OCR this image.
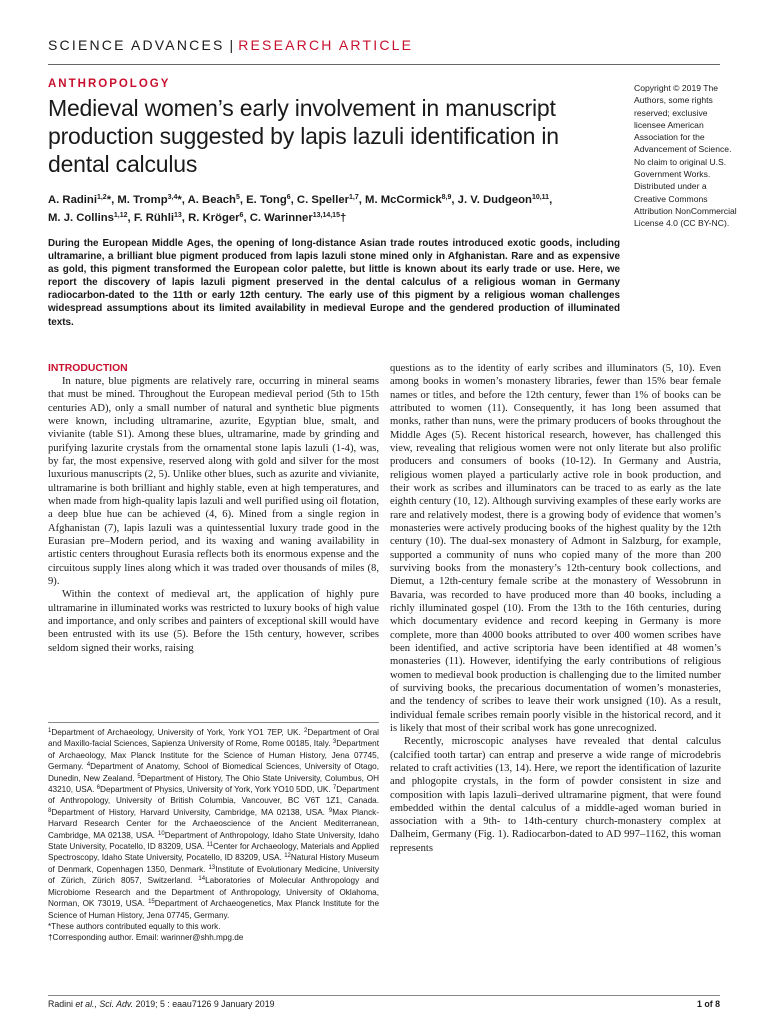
SCIENCE ADVANCES | RESEARCH ARTICLE
ANTHROPOLOGY
Medieval women’s early involvement in manuscript production suggested by lapis lazuli identification in dental calculus
A. Radini$^{1,2}$*, M. Tromp$^{3,4}$*, A. Beach$^5$, E. Tong$^6$, C. Speller$^{1,7}$, M. McCormick$^{8,9}$, J. V. Dudgeon$^{10,11}$,
M. J. Collins$^{1,12}$, F. Rühli$^{13}$, R. Kröger$^6$, C. Warinner$^{13,14,15}$†
Copyright © 2019 The Authors, some rights reserved; exclusive licensee American Association for the Advancement of Science. No claim to original U.S. Government Works. Distributed under a Creative Commons Attribution NonCommercial License 4.0 (CC BY-NC).
During the European Middle Ages, the opening of long-distance Asian trade routes introduced exotic goods, including ultramarine, a brilliant blue pigment produced from lapis lazuli stone mined only in Afghanistan. Rare and as expensive as gold, this pigment transformed the European color palette, but little is known about its early trade or use. Here, we report the discovery of lapis lazuli pigment preserved in the dental calculus of a religious woman in Germany radiocarbon-dated to the 11th or early 12th century. The early use of this pigment by a religious woman challenges widespread assumptions about its limited availability in medieval Europe and the gendered production of illuminated texts.

INTRODUCTION

In nature, blue pigments are relatively rare, occurring in mineral seams that must be mined. Throughout the European medieval period (5th to 15th centuries AD), only a small number of natural and synthetic blue pigments were known, including ultramarine, azurite, Egyptian blue, smalt, and vivianite (table S1). Among these blues, ultramarine, made by grinding and purifying lazurite crystals from the ornamental stone lapis lazuli (1-4), was, by far, the most expensive, reserved along with gold and silver for the most luxurious manuscripts (2, 5). Unlike other blues, such as azurite and vivianite, ultramarine is both brilliant and highly stable, even at high temperatures, and when made from high-quality lapis lazuli and well purified using oil flotation, a deep blue hue can be achieved (4, 6). Mined from a single region in Afghanistan (7), lapis lazuli was a quintessential luxury trade good in the Eurasian pre–Modern period, and its waxing and waning availability in artistic centers throughout Eurasia reflects both its enormous expense and the circuitous supply lines along which it was traded over thousands of miles (8, 9).

Within the context of medieval art, the application of highly pure ultramarine in illuminated works was restricted to luxury books of high value and importance, and only scribes and painters of exceptional skill would have been entrusted with its use (5). Before the 15th century, however, scribes seldom signed their works, raising

$^1$Department of Archaeology, University of York, York YO1 7EP, UK. $^2$Department of Oral and Maxillo-facial Sciences, Sapienza University of Rome, Rome 00185, Italy. $^3$Department of Archaeology, Max Planck Institute for the Science of Human History, Jena 07745, Germany. $^4$Department of Anatomy, School of Biomedical Sciences, University of Otago, Dunedin, New Zealand. $^5$Department of History, The Ohio State University, Columbus, OH 43210, USA. $^6$Department of Physics, University of York, York YO10 5DD, UK. $^7$Department of Anthropology, University of British Columbia, Vancouver, BC V6T 1Z1, Canada. $^8$Department of History, Harvard University, Cambridge, MA 02138, USA. $^9$Max Planck-Harvard Research Center for the Archaeoscience of the Ancient Mediterranean, Cambridge, MA 02138, USA. $^{10}$Department of Anthropology, Idaho State University, Idaho State University, Pocatello, ID 83209, USA. $^{11}$Center for Archaeology, Materials and Applied Spectroscopy, Idaho State University, Pocatello, ID 83209, USA. $^{12}$Natural History Museum of Denmark, Copenhagen 1350, Denmark. $^{13}$Institute of Evolutionary Medicine, University of Zürich, Zürich 8057, Switzerland. $^{14}$Laboratories of Molecular Anthropology and Microbiome Research and the Department of Anthropology, University of Oklahoma, Norman, OK 73019, USA. $^{15}$Department of Archaeogenetics, Max Planck Institute for the Science of Human History, Jena 07745, Germany.

*These authors contributed equally to this work.

†Corresponding author. Email: warinner@shh.mpg.de

questions as to the identity of early scribes and illuminators (5, 10). Even among books in women’s monastery libraries, fewer than 15% bear female names or titles, and before the 12th century, fewer than 1% of books can be attributed to women (11). Consequently, it has long been assumed that monks, rather than nuns, were the primary producers of books throughout the Middle Ages (5). Recent historical research, however, has challenged this view, revealing that religious women were not only literate but also prolific producers and consumers of books (10-12). In Germany and Austria, religious women played a particularly active role in book production, and their work as scribes and illuminators can be traced to as early as the late eighth century (10, 12). Although surviving examples of these early works are rare and relatively modest, there is a growing body of evidence that women’s monasteries were actively producing books of the highest quality by the 12th century (10). The dual-sex monastery of Admont in Salzburg, for example, supported a community of nuns who copied many of the more than 200 surviving books from the monastery’s 12th-century book collections, and Diemut, a 12th-century female scribe at the monastery of Wessobrunn in Bavaria, was recorded to have produced more than 40 books, including a richly illuminated gospel (10). From the 13th to the 16th centuries, during which documentary evidence and record keeping in Germany is more complete, more than 4000 books attributed to over 400 women scribes have been identified, and active scriptoria have been identified at 48 women’s monasteries (11). However, identifying the early contributions of religious women to medieval book production is challenging due to the limited number of surviving books, the precarious documentation of women’s monasteries, and the tendency of scribes to leave their work unsigned (10). As a result, individual female scribes remain poorly visible in the historical record, and it is likely that most of their scribal work has gone unrecognized.

Recently, microscopic analyses have revealed that dental calculus (calcified tooth tartar) can entrap and preserve a wide range of microdebris related to craft activities (13, 14). Here, we report the identification of lazurite and phlogopite crystals, in the form of powder consistent in size and composition with lapis lazuli–derived ultramarine pigment, that were found embedded within the dental calculus of a middle-aged woman buried in association with a 9th- to 14th-century church-monastery complex at Dalheim, Germany (Fig. 1). Radiocarbon-dated to AD 997–1162, this woman represents

Radini et al., Sci. Adv. 2019; 5 : eaau7126 9 January 2019	1 of 8
